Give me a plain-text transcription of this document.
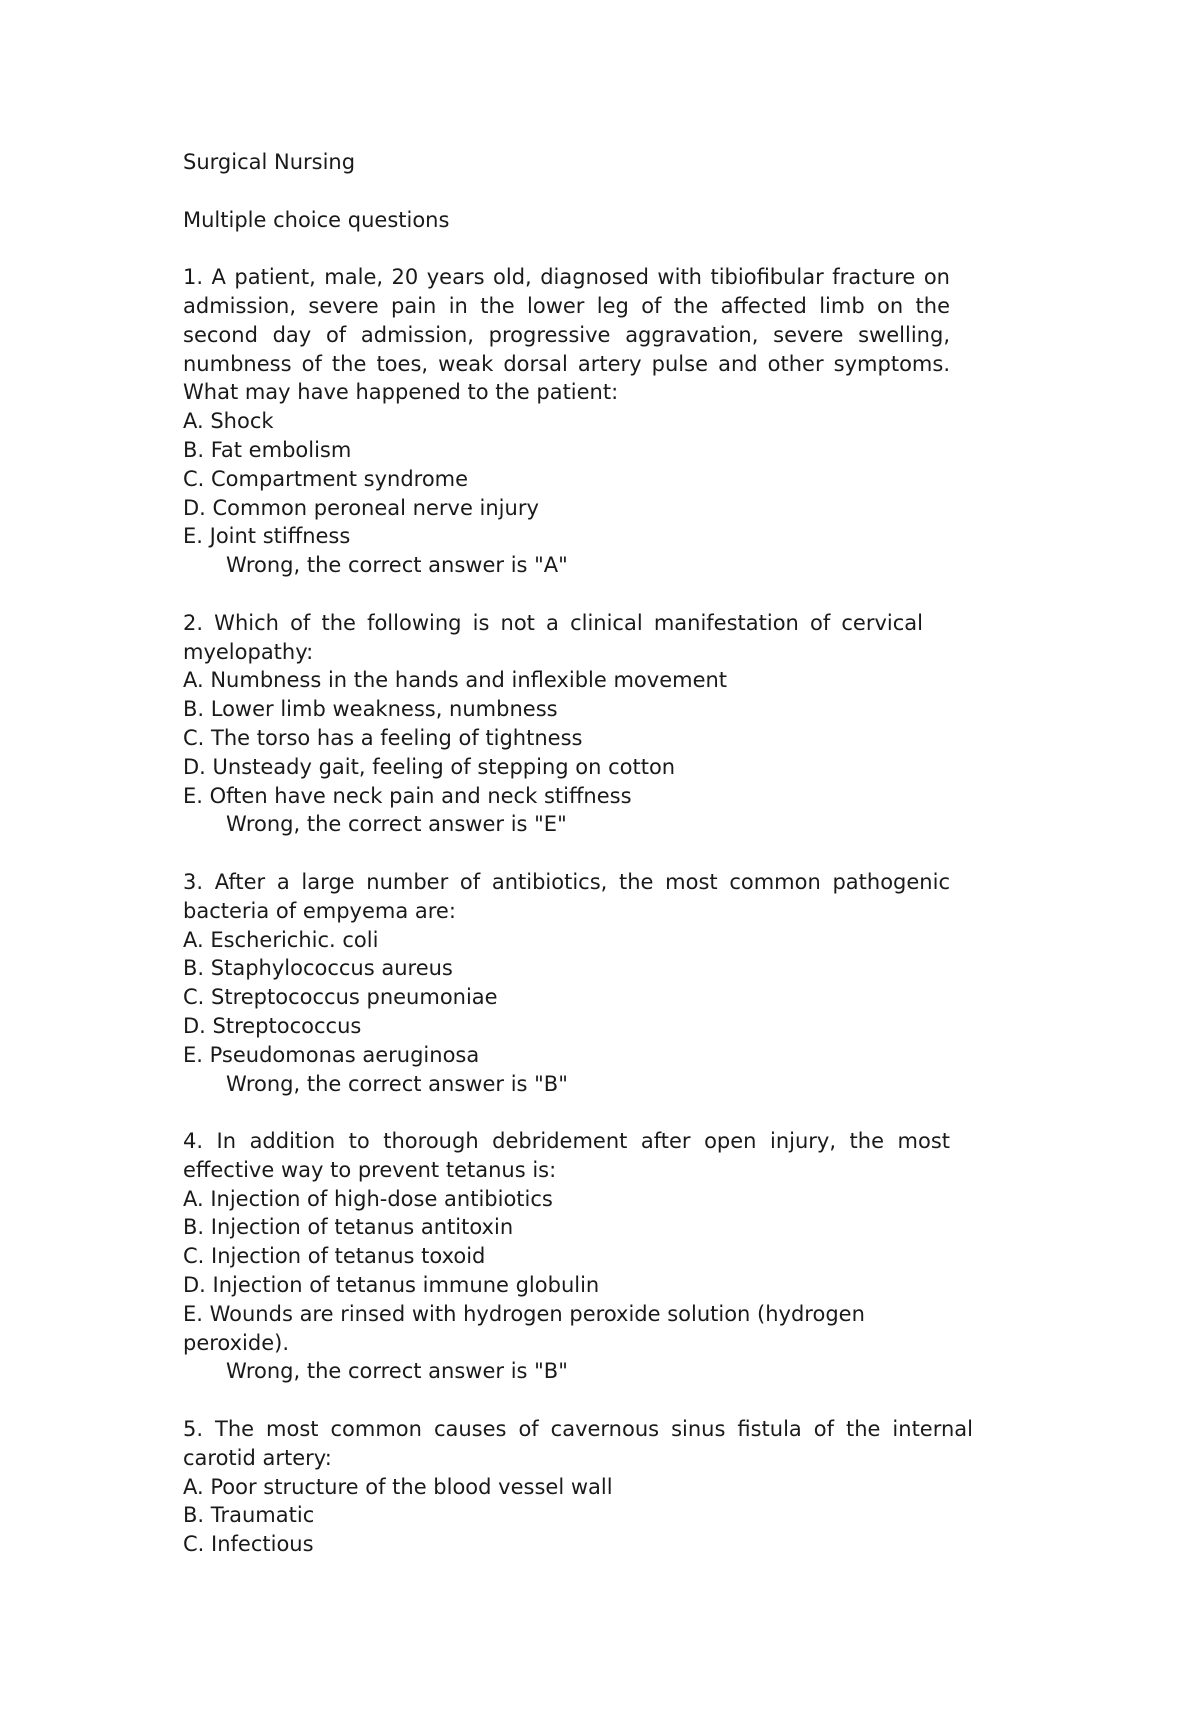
Surgical Nursing

Multiple choice questions

1. A patient, male, 20 years old, diagnosed with tibiofibular fracture on admission, severe pain in the lower leg of the affected limb on the second day of admission, progressive aggravation, severe swelling, numbness of the toes, weak dorsal artery pulse and other symptoms. What may have happened to the patient:

A. Shock

B. Fat embolism

C. Compartment syndrome

D. Common peroneal nerve injury

E. Joint stiffness

Wrong, the correct answer is "A"

2. Which of the following is not a clinical manifestation of cervical myelopathy:

A. Numbness in the hands and inflexible movement

B. Lower limb weakness, numbness

C. The torso has a feeling of tightness

D. Unsteady gait, feeling of stepping on cotton

E. Often have neck pain and neck stiffness

Wrong, the correct answer is "E"

3. After a large number of antibiotics, the most common pathogenic bacteria of empyema are:

A. Escherichic. coli

B. Staphylococcus aureus

C. Streptococcus pneumoniae

D. Streptococcus

E. Pseudomonas aeruginosa

Wrong, the correct answer is "B"

4. In addition to thorough debridement after open injury, the most effective way to prevent tetanus is:

A. Injection of high-dose antibiotics

B. Injection of tetanus antitoxin

C. Injection of tetanus toxoid

D. Injection of tetanus immune globulin

E. Wounds are rinsed with hydrogen peroxide solution (hydrogen peroxide).

Wrong, the correct answer is "B"

5. The most common causes of cavernous sinus fistula of the internal carotid artery:

A. Poor structure of the blood vessel wall

B. Traumatic

C. Infectious
